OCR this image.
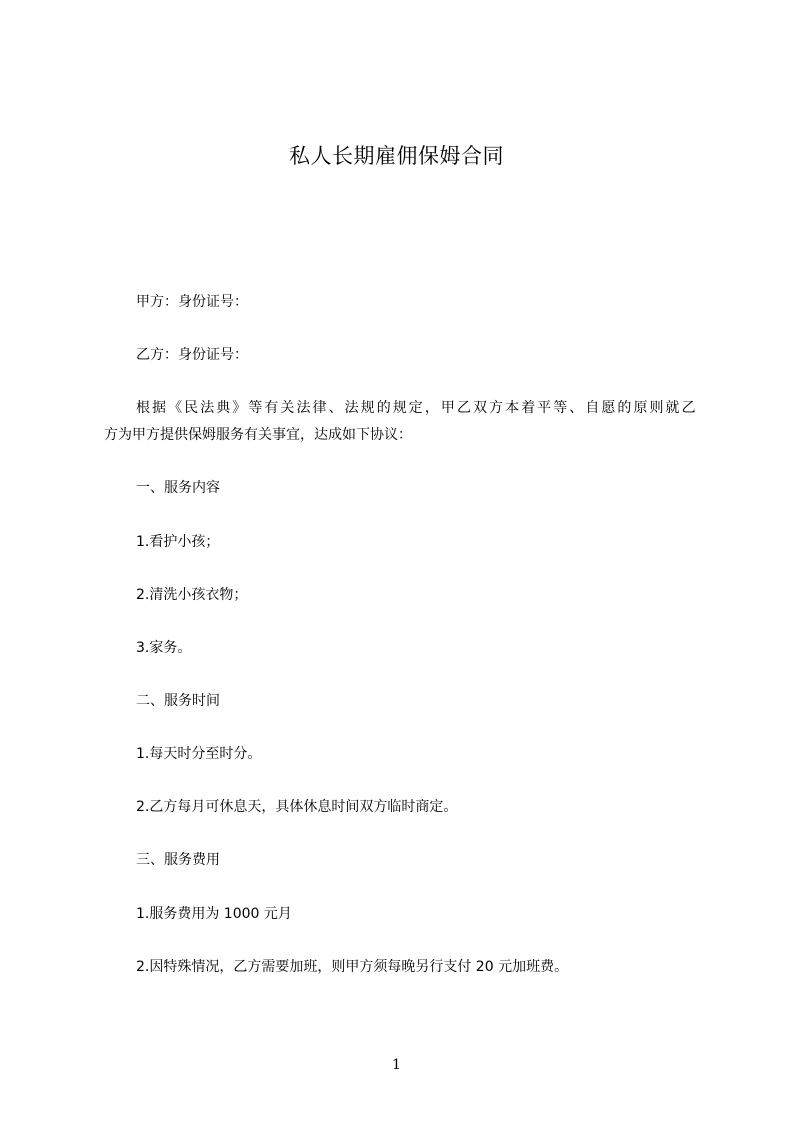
私人长期雇佣保姆合同
甲方：身份证号：
乙方：身份证号：
根据《民法典》等有关法律、法规的规定，甲乙双方本着平等、自愿的原则就乙
方为甲方提供保姆服务有关事宜，达成如下协议：
一、服务内容
1.看护小孩；
2.清洗小孩衣物；
3.家务。
二、服务时间
1.每天时分至时分。
2.乙方每月可休息天，具体休息时间双方临时商定。
三、服务费用
1.服务费用为 1000 元月
2.因特殊情况，乙方需要加班，则甲方须每晚另行支付 20 元加班费。
1
